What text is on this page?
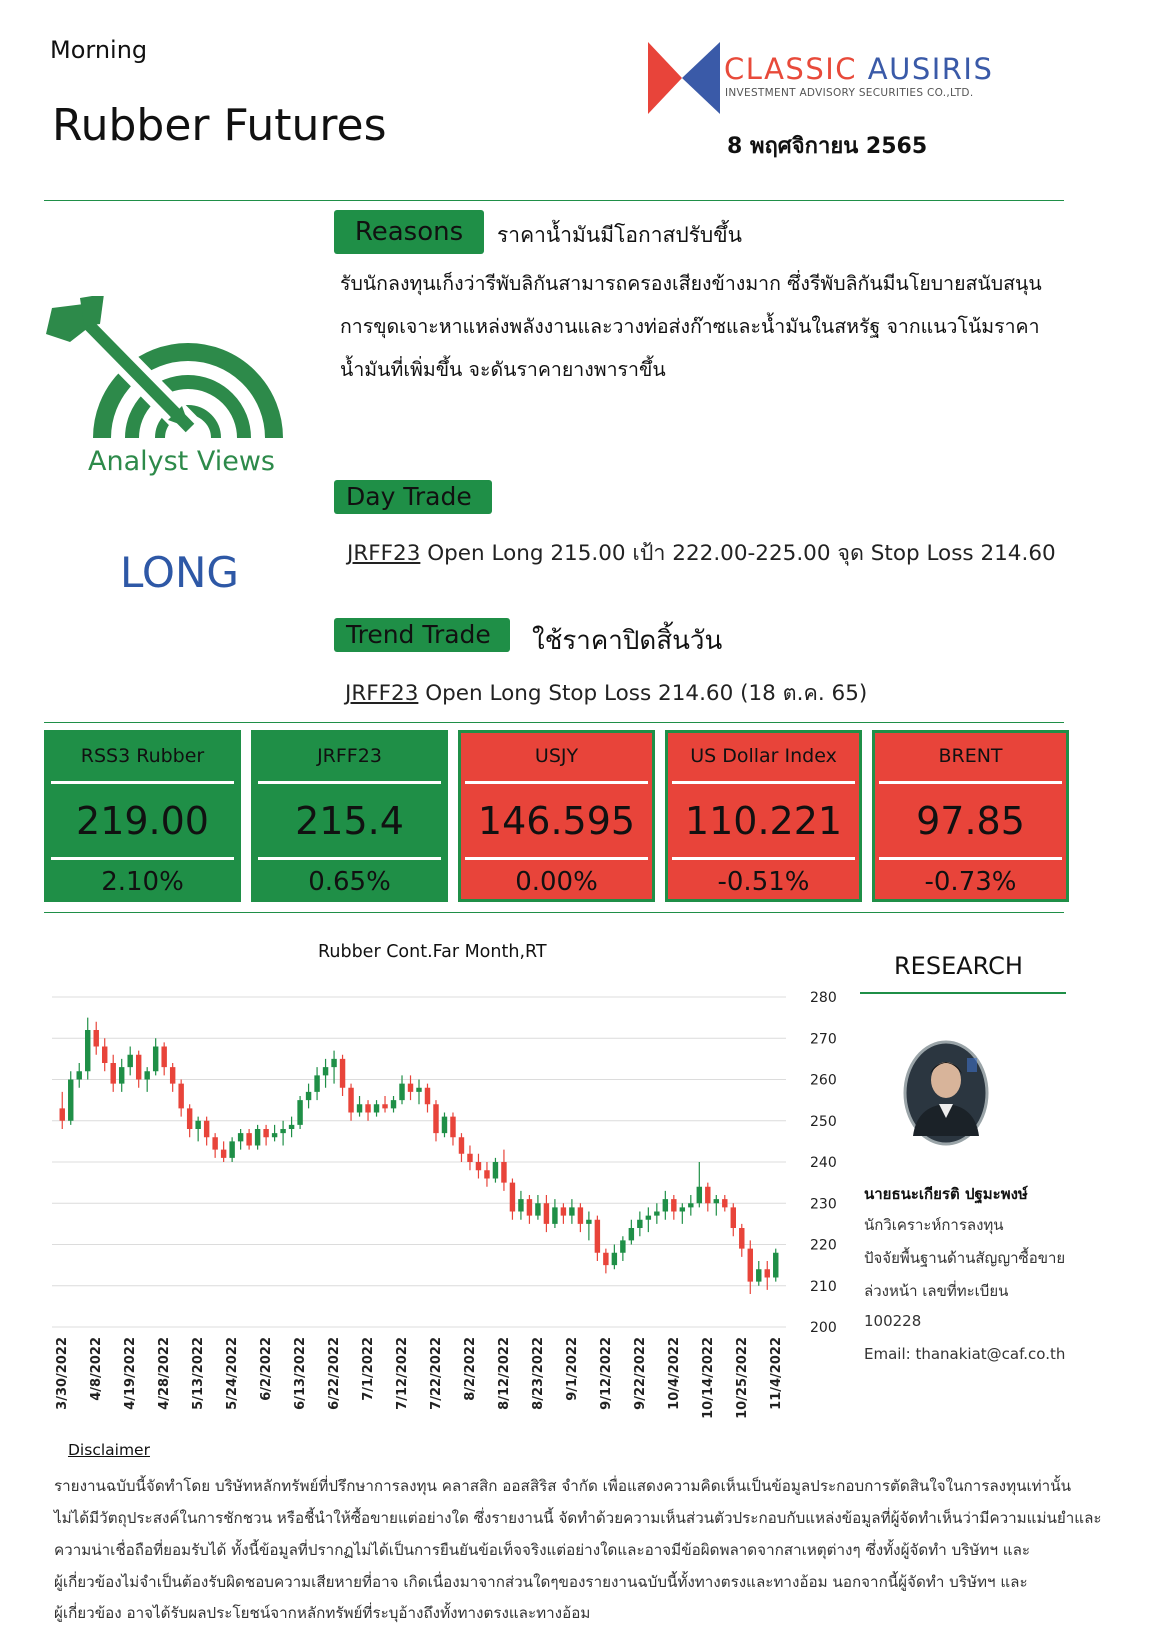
Morning
Rubber Futures
CLASSIC AUSIRIS
INVESTMENT ADVISORY SECURITIES CO.,LTD.
8 พฤศจิกายน 2565
Analyst Views
LONG
Reasons	ราคาน้ำมันมีโอกาสปรับขึ้น
รับนักลงทุนเก็งว่ารีพับลิกันสามารถครองเสียงข้างมาก ซึ่งรีพับลิกันมีนโยบายสนับสนุน
การขุดเจาะหาแหล่งพลังงานและวางท่อส่งก๊าซและน้ำมันในสหรัฐ จากแนวโน้มราคา
น้ำมันที่เพิ่มขึ้น จะดันราคายางพาราขึ้น
Day Trade
JRFF23 Open Long 215.00 เป้า 222.00-225.00 จุด Stop Loss 214.60
Trend Trade	ใช้ราคาปิดสิ้นวัน
JRFF23 Open Long Stop Loss 214.60 (18 ต.ค. 65)
RSS3 Rubber
219.00
2.10%
JRFF23
215.4
0.65%
USJY
146.595
0.00%
US Dollar Index
110.221
-0.51%
BRENT
97.85
-0.73%
Rubber Cont.Far Month,RT
280
270
260
250
240
230
220
210
200
3/30/2022 4/8/2022 4/19/2022 4/28/2022 5/13/2022 5/24/2022 6/2/2022 6/13/2022 6/22/2022 7/1/2022 7/12/2022 7/22/2022 8/2/2022 8/12/2022 8/23/2022 9/1/2022 9/12/2022 9/22/2022 10/4/2022 10/14/2022 10/25/2022 11/4/2022
RESEARCH
นายธนะเกียรติ ปฐมะพงษ์
นักวิเคราะห์การลงทุน
ปัจจัยพื้นฐานด้านสัญญาซื้อขาย
ล่วงหน้า เลขที่ทะเบียน
100228
Email: thanakiat@caf.co.th
Disclaimer
รายงานฉบับนี้จัดทำโดย บริษัทหลักทรัพย์ที่ปรึกษาการลงทุน คลาสสิก ออสสิริส จำกัด เพื่อแสดงความคิดเห็นเป็นข้อมูลประกอบการตัดสินใจในการลงทุนเท่านั้น
ไม่ได้มีวัตถุประสงค์ในการชักชวน หรือชี้นำให้ซื้อขายแต่อย่างใด ซึ่งรายงานนี้ จัดทำด้วยความเห็นส่วนตัวประกอบกับแหล่งข้อมูลที่ผู้จัดทำเห็นว่ามีความแม่นยำและ
ความน่าเชื่อถือที่ยอมรับได้ ทั้งนี้ข้อมูลที่ปรากฏไม่ได้เป็นการยืนยันข้อเท็จจริงแต่อย่างใดและอาจมีข้อผิดพลาดจากสาเหตุต่างๆ ซึ่งทั้งผู้จัดทำ บริษัทฯ และ
ผู้เกี่ยวข้องไม่จำเป็นต้องรับผิดชอบความเสียหายที่อาจ เกิดเนื่องมาจากส่วนใดๆของรายงานฉบับนี้ทั้งทางตรงและทางอ้อม นอกจากนี้ผู้จัดทำ บริษัทฯ และ
ผู้เกี่ยวข้อง อาจได้รับผลประโยชน์จากหลักทรัพย์ที่ระบุอ้างถึงทั้งทางตรงและทางอ้อม
